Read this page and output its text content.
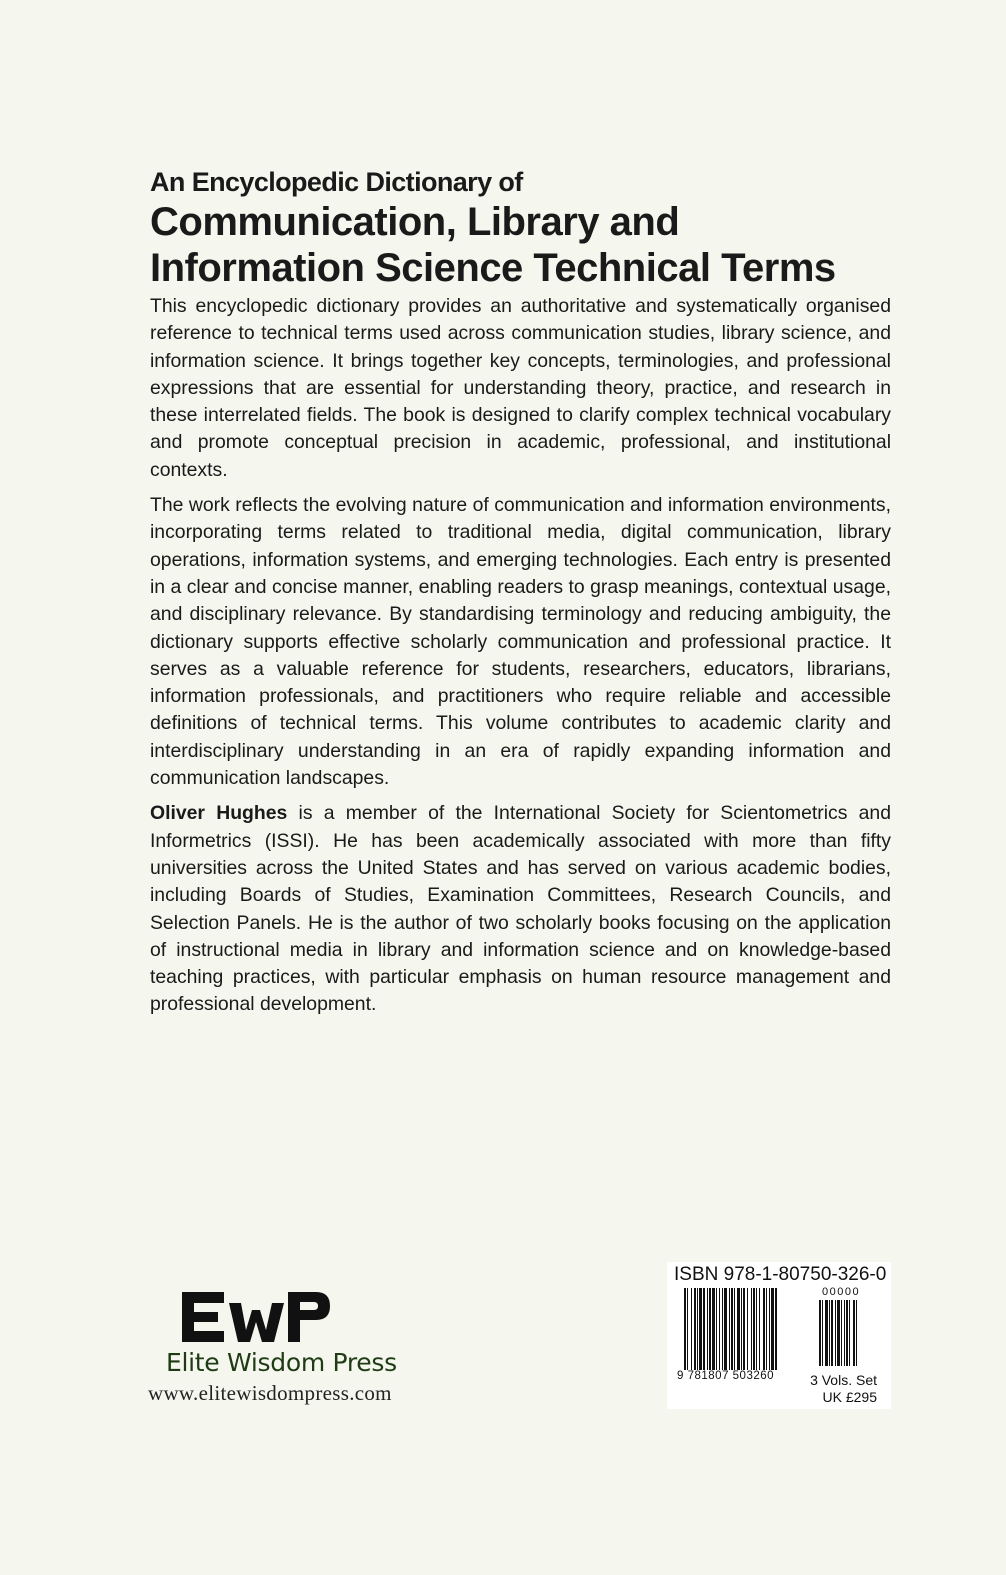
An Encyclopedic Dictionary of
Communication, Library and
Information Science Technical Terms

This encyclopedic dictionary provides an authoritative and systematically organised reference to technical terms used across communication studies, library science, and information science. It brings together key concepts, terminologies, and professional expressions that are essential for understanding theory, practice, and research in these interrelated fields. The book is designed to clarify complex technical vocabulary and promote conceptual precision in academic, professional, and institutional contexts.

The work reflects the evolving nature of communication and information environments, incorporating terms related to traditional media, digital communication, library operations, information systems, and emerging technologies. Each entry is presented in a clear and concise manner, enabling readers to grasp meanings, contextual usage, and disciplinary relevance. By standardising terminology and reducing ambiguity, the dictionary supports effective scholarly communication and professional practice. It serves as a valuable reference for students, researchers, educators, librarians, information professionals, and practitioners who require reliable and accessible definitions of technical terms. This volume contributes to academic clarity and interdisciplinary understanding in an era of rapidly expanding information and communication landscapes.

Oliver Hughes is a member of the International Society for Scientometrics and Informetrics (ISSI). He has been academically associated with more than fifty universities across the United States and has served on various academic bodies, including Boards of Studies, Examination Committees, Research Councils, and Selection Panels. He is the author of two scholarly books focusing on the application of instructional media in library and information science and on knowledge-based teaching practices, with particular emphasis on human resource management and professional development.

Elite Wisdom Press
www.elitewisdompress.com
ISBN 978-1-80750-326-0
00000
9 781807 503260	3 Vols. Set
UK £295
